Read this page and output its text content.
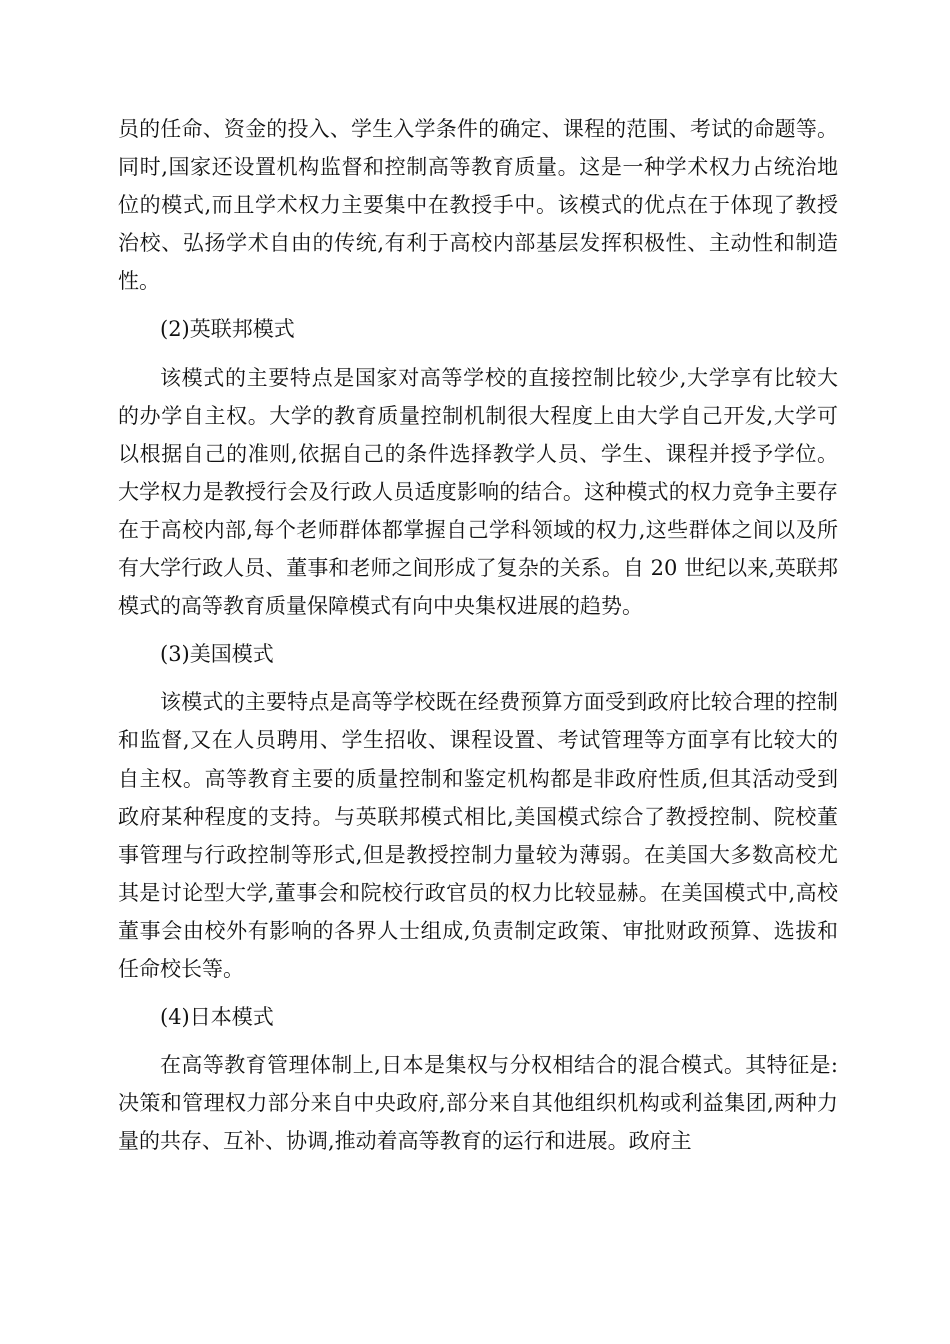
员的任命、资金的投入、学生入学条件的确定、课程的范围、考试的命题等。同时,国家还设置机构监督和控制高等教育质量。这是一种学术权力占统治地位的模式,而且学术权力主要集中在教授手中。该模式的优点在于体现了教授治校、弘扬学术自由的传统,有利于高校内部基层发挥积极性、主动性和制造性。

(2)英联邦模式

该模式的主要特点是国家对高等学校的直接控制比较少,大学享有比较大的办学自主权。大学的教育质量控制机制很大程度上由大学自己开发,大学可以根据自己的准则,依据自己的条件选择教学人员、学生、课程并授予学位。大学权力是教授行会及行政人员适度影响的结合。这种模式的权力竞争主要存在于高校内部,每个老师群体都掌握自己学科领域的权力,这些群体之间以及所有大学行政人员、董事和老师之间形成了复杂的关系。自 20 世纪以来,英联邦模式的高等教育质量保障模式有向中央集权进展的趋势。

(3)美国模式

该模式的主要特点是高等学校既在经费预算方面受到政府比较合理的控制和监督,又在人员聘用、学生招收、课程设置、考试管理等方面享有比较大的自主权。高等教育主要的质量控制和鉴定机构都是非政府性质,但其活动受到政府某种程度的支持。与英联邦模式相比,美国模式综合了教授控制、院校董事管理与行政控制等形式,但是教授控制力量较为薄弱。在美国大多数高校尤其是讨论型大学,董事会和院校行政官员的权力比较显赫。在美国模式中,高校董事会由校外有影响的各界人士组成,负责制定政策、审批财政预算、选拔和任命校长等。

(4)日本模式

在高等教育管理体制上,日本是集权与分权相结合的混合模式。其特征是:决策和管理权力部分来自中央政府,部分来自其他组织机构或利益集团,两种力量的共存、互补、协调,推动着高等教育的运行和进展。政府主
